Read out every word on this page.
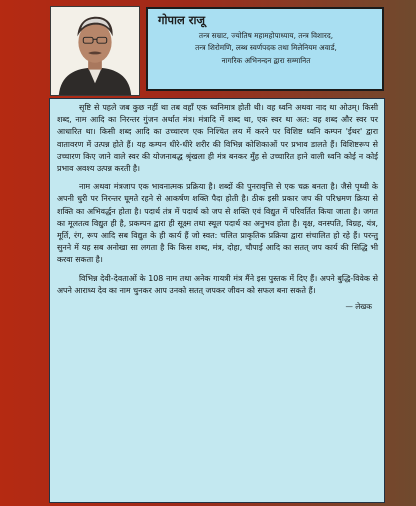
गोपाल राजू
तन्त्र सम्राट, ज्योतिष महामहोपाध्याय, तन्त्र विशारद,
तन्त्र शिरोमणि, लब्ध स्वर्णपदक तथा मिलेनियम अवार्ड,
नागरिक अभिनन्दन द्वारा सम्मानित

सृष्टि से पहले जब कुछ नहीं था तब वहाँ एक ध्वनिमात्र होती थी। वह ध्वनि अथवा नाद था ओउम्। किसी शब्द, नाम आदि का निरन्तर गुंजन अर्थात मंत्र। मंत्रादि में शब्द था, एक स्वर था अत: वह शब्द और स्वर पर आधारित था। किसी शब्द आदि का उच्चारण एक निश्चित लय में करने पर विशिष्ट ध्वनि कम्पन 'ईथर' द्वारा वातावरण में उत्पन्न होते हैं। यह कम्पन धीरे-धीरे शरीर की विभिन्न कोशिकाओं पर प्रभाव डालते हैं। विशिष्टरूप से उच्चारण किए जाने वाले स्वर की योजनाबद्ध श्रृंखला ही मंत्र बनकर मुँह से उच्चारित हाने वाली ध्वनि कोई न कोई प्रभाव अवश्य उत्पन्न करती है।

नाम अथवा मंत्रजाप एक भावनात्मक प्रक्रिया है। शब्दों की पुनरावृत्ति से एक चक्र बनता है। जैसे पृथ्वी के अपनी धुरी पर निरन्तर घूमते रहने से आकर्षण शक्ति पैदा होती है। ठीक इसी प्रकार जप की परिभ्रमण क्रिया से शक्ति का अभिवर्द्धन होता है। पदार्थ तंत्र में पदार्थ को जप से शक्ति एवं विद्युत में परिवर्तित किया जाता है। जगत का मूलतत्व विद्युत ही है, प्रकम्पन द्वारा ही सूक्ष्म तथा स्थूल पदार्थ का अनुभव होता है। वृक्ष, वनस्पति, विग्रह, यंत्र, मूर्ति, रंग, रूप आदि सब विद्युत के ही कार्य हैं जो स्वत: चलित प्राकृतिक प्रक्रिया द्वारा संचालित हो रहे हैं। परन्तु सुनने में यह सब अनोखा सा लगता है कि किस शब्द, मंत्र, दोहा, चौपाई आदि का सतत् जप कार्य की सिद्धि भी करवा सकता है।

विभिन्न देवी-देवताओं के 108 नाम तथा अनेक गायत्री मंत्र मैंने इस पुस्तक में दिए हैं। अपने बुद्धि-विवेक से अपने आराध्य देव का नाम चुनकर आप उनको सतत् जपकर जीवन को सफल बना सकते हैं।

— लेखक
